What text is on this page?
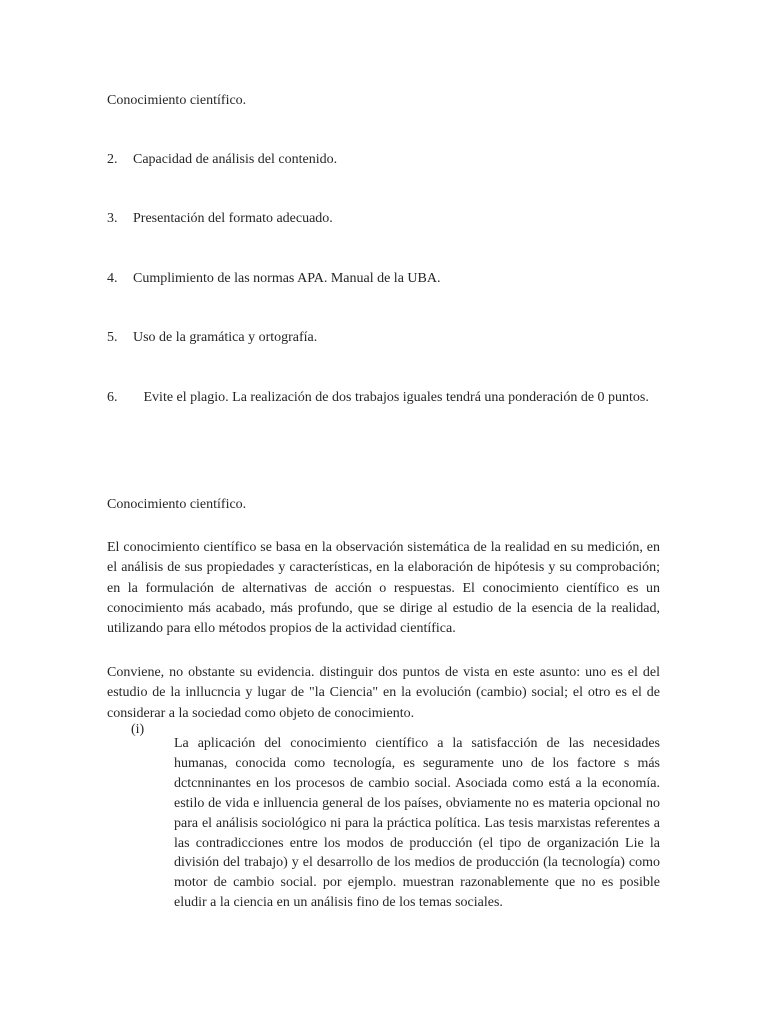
Conocimiento científico.
2. Capacidad de análisis del contenido.
3. Presentación del formato adecuado.
4. Cumplimiento de las normas APA. Manual de la UBA.
5. Uso de la gramática y ortografía.
6. Evite el plagio. La realización de dos trabajos iguales tendrá una ponderación de 0 puntos.
Conocimiento científico.

El conocimiento científico se basa en la observación sistemática de la realidad en su medición, en el análisis de sus propiedades y características, en la elaboración de hipótesis y su comprobación; en la formulación de alternativas de acción o respuestas. El conocimiento científico es un conocimiento más acabado, más profundo, que se dirige al estudio de la esencia de la realidad, utilizando para ello métodos propios de la actividad científica.

Conviene, no obstante su evidencia. distinguir dos puntos de vista en este asunto: uno es el del estudio de la inllucncia y lugar de "la Ciencia" en la evolución (cambio) social; el otro es el de considerar a la sociedad como objeto de conocimiento.

(i)

La aplicación del conocimiento científico a la satisfacción de las necesidades humanas, conocida como tecnología, es seguramente uno de los factore s más dctcnninantes en los procesos de cambio social. Asociada como está a la economía. estilo de vida e inlluencia general de los países, obviamente no es materia opcional no para el análisis sociológico ni para la práctica política. Las tesis marxistas referentes a las contradicciones entre los modos de producción (el tipo de organización Lie la división del trabajo) y el desarrollo de los medios de producción (la tecnología) como motor de cambio social. por ejemplo. muestran razonablemente que no es posible eludir a la ciencia en un análisis fino de los temas sociales.
